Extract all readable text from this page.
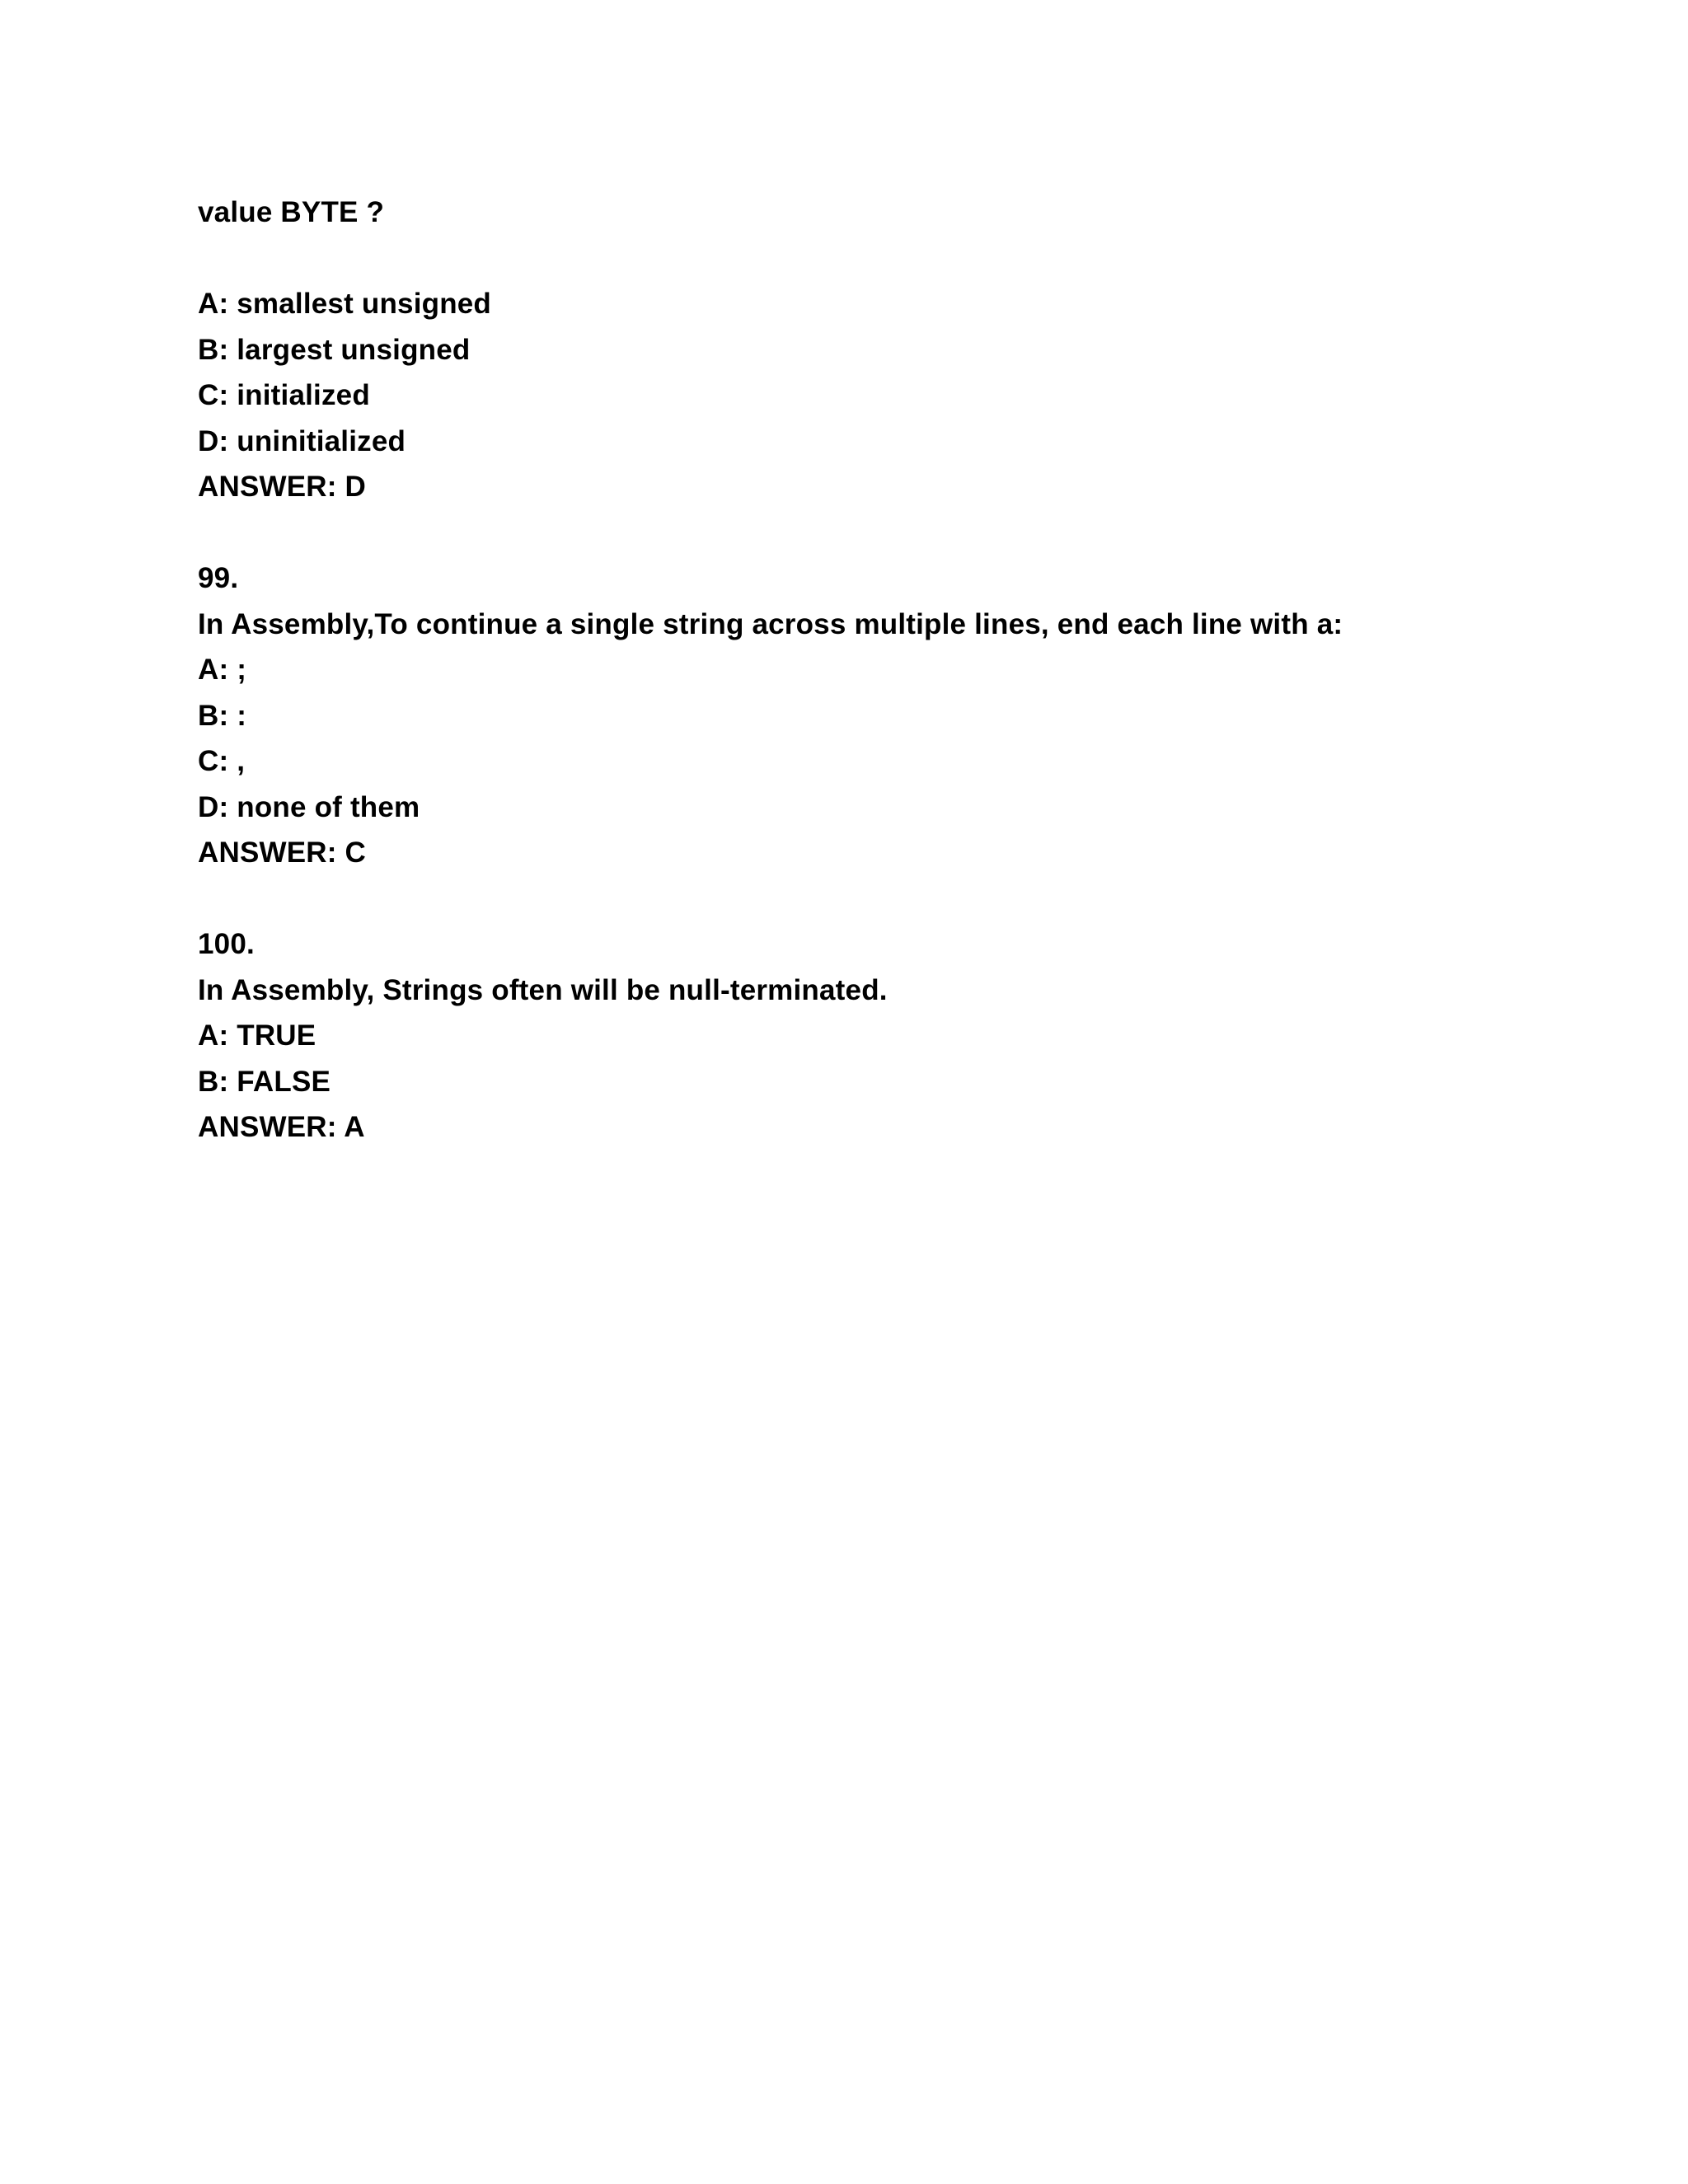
value BYTE ?
A: smallest unsigned
B: largest unsigned
C: initialized
D: uninitialized
ANSWER: D
99.
In Assembly,To continue a single string across multiple lines, end each line with a:
A: ;
B: :
C: ,
D: none of them
ANSWER: C
100.
In Assembly, Strings often will be null-terminated.
A: TRUE
B: FALSE
ANSWER: A
